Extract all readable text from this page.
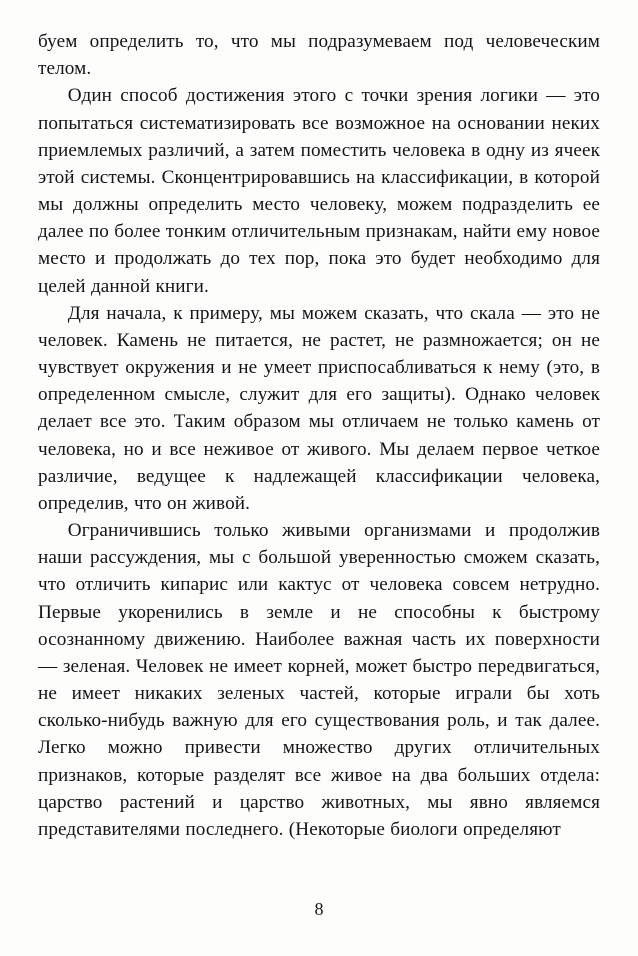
буем определить то, что мы подразумеваем под человеческим телом.

Один способ достижения этого с точки зрения логики — это попытаться систематизировать все возможное на основании неких приемлемых различий, а затем поместить человека в одну из ячеек этой системы. Сконцентрировавшись на классификации, в которой мы должны определить место человеку, можем подразделить ее далее по более тонким отличительным признакам, найти ему новое место и продолжать до тех пор, пока это будет необходимо для целей данной книги.

Для начала, к примеру, мы можем сказать, что скала — это не человек. Камень не питается, не растет, не размножается; он не чувствует окружения и не умеет приспосабливаться к нему (это, в определенном смысле, служит для его защиты). Однако человек делает все это. Таким образом мы отличаем не только камень от человека, но и все неживое от живого. Мы делаем первое четкое различие, ведущее к надлежащей классификации человека, определив, что он живой.

Ограничившись только живыми организмами и продолжив наши рассуждения, мы с большой уверенностью сможем сказать, что отличить кипарис или кактус от человека совсем нетрудно. Первые укоренились в земле и не способны к быстрому осознанному движению. Наиболее важная часть их поверхности — зеленая. Человек не имеет корней, может быстро передвигаться, не имеет никаких зеленых частей, которые играли бы хоть сколько-нибудь важную для его существования роль, и так далее. Легко можно привести множество других отличительных признаков, которые разделят все живое на два больших отдела: царство растений и царство животных, мы явно являемся представителями последнего. (Некоторые биологи определяют

8
